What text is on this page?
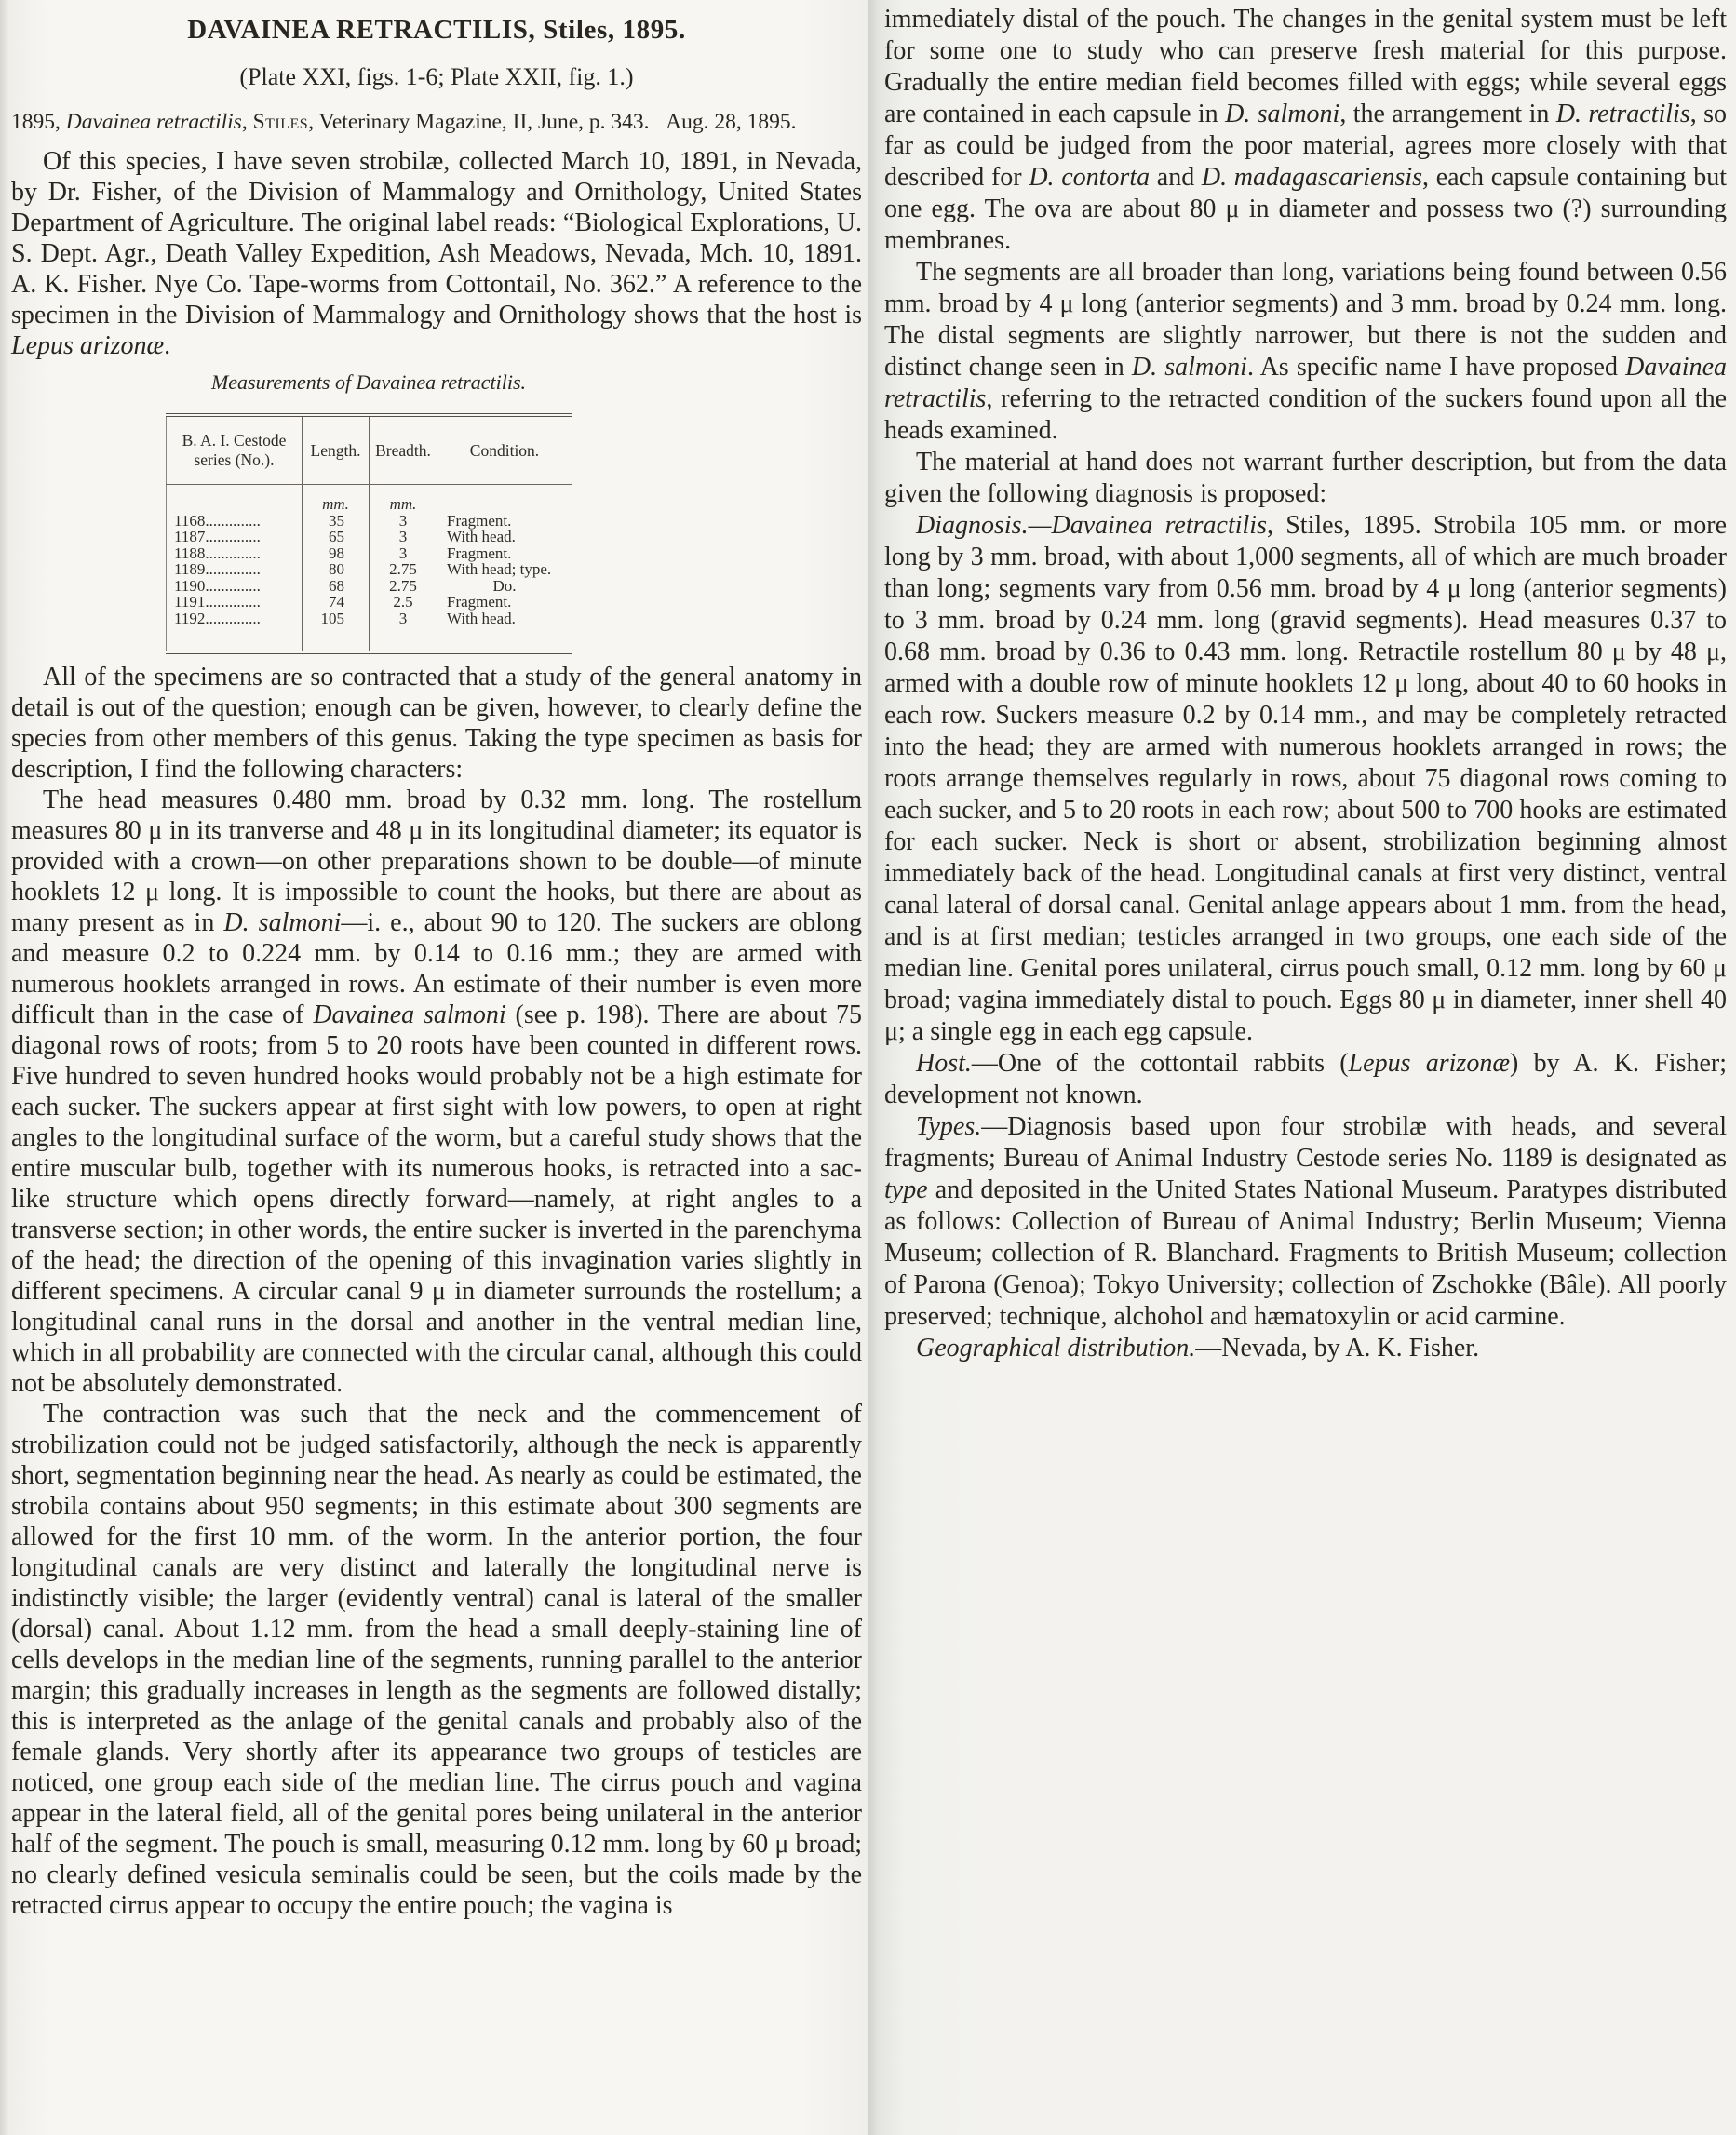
DAVAINEA RETRACTILIS, Stiles, 1895.
(Plate XXI, figs. 1-6; Plate XXII, fig. 1.)

1895, Davainea retractilis, Stiles, Veterinary Magazine, II, June, p. 343.   Aug. 28, 1895.

Of this species, I have seven strobilæ, collected March 10, 1891, in Nevada, by Dr. Fisher, of the Division of Mammalogy and Ornithology, United States Department of Agriculture. The original label reads: “Biological Explorations, U. S. Dept. Agr., Death Valley Expedition, Ash Meadows, Nevada, Mch. 10, 1891. A. K. Fisher. Nye Co. Tape-worms from Cottontail, No. 362.” A reference to the specimen in the Division of Mammalogy and Ornithology shows that the host is Lepus arizonæ.

Measurements of Davainea retractilis.
B. A. I. Cestode
series (No.).	Length.	Breadth.	Condition.
	mm.	mm.	
1168..............	35	3	Fragment.
1187..............	65	3	With head.
1188..............	98	3	Fragment.
1189..............	80	2.75	With head; type.
1190..............	68	2.75	Do.
1191..............	74	2.5	Fragment.
1192..............	105	3	With head.

All of the specimens are so contracted that a study of the general anatomy in detail is out of the question; enough can be given, however, to clearly define the species from other members of this genus. Taking the type specimen as basis for description, I find the following characters:

The head measures 0.480 mm. broad by 0.32 mm. long. The rostellum measures 80 μ in its tranverse and 48 μ in its longitudinal diameter; its equator is provided with a crown—on other preparations shown to be double—of minute hooklets 12 μ long. It is impossible to count the hooks, but there are about as many present as in D. salmoni—i. e., about 90 to 120. The suckers are oblong and measure 0.2 to 0.224 mm. by 0.14 to 0.16 mm.; they are armed with numerous hooklets arranged in rows. An estimate of their number is even more difficult than in the case of Davainea salmoni (see p. 198). There are about 75 diagonal rows of roots; from 5 to 20 roots have been counted in different rows. Five hundred to seven hundred hooks would probably not be a high estimate for each sucker. The suckers appear at first sight with low powers, to open at right angles to the longitudinal surface of the worm, but a careful study shows that the entire muscular bulb, together with its numerous hooks, is retracted into a sac-like structure which opens directly forward—namely, at right angles to a transverse section; in other words, the entire sucker is inverted in the parenchyma of the head; the direction of the opening of this invagination varies slightly in different specimens. A circular canal 9 μ in diameter surrounds the rostellum; a longitudinal canal runs in the dorsal and another in the ventral median line, which in all probability are connected with the circular canal, although this could not be absolutely demonstrated.

The contraction was such that the neck and the commencement of strobilization could not be judged satisfactorily, although the neck is apparently short, segmentation beginning near the head. As nearly as could be estimated, the strobila contains about 950 segments; in this estimate about 300 segments are allowed for the first 10 mm. of the worm. In the anterior portion, the four longitudinal canals are very distinct and laterally the longitudinal nerve is indistinctly visible; the larger (evidently ventral) canal is lateral of the smaller (dorsal) canal. About 1.12 mm. from the head a small deeply-staining line of cells develops in the median line of the segments, running parallel to the anterior margin; this gradually increases in length as the segments are followed distally; this is interpreted as the anlage of the genital canals and probably also of the female glands. Very shortly after its appearance two groups of testicles are noticed, one group each side of the median line. The cirrus pouch and vagina appear in the lateral field, all of the genital pores being unilateral in the anterior half of the segment. The pouch is small, measuring 0.12 mm. long by 60 μ broad; no clearly defined vesicula seminalis could be seen, but the coils made by the retracted cirrus appear to occupy the entire pouch; the vagina is

immediately distal of the pouch. The changes in the genital system must be left for some one to study who can preserve fresh material for this purpose. Gradually the entire median field becomes filled with eggs; while several eggs are contained in each capsule in D. salmoni, the arrangement in D. retractilis, so far as could be judged from the poor material, agrees more closely with that described for D. contorta and D. madagascariensis, each capsule containing but one egg. The ova are about 80 μ in diameter and possess two (?) surrounding membranes.

The segments are all broader than long, variations being found between 0.56 mm. broad by 4 μ long (anterior segments) and 3 mm. broad by 0.24 mm. long. The distal segments are slightly narrower, but there is not the sudden and distinct change seen in D. salmoni. As specific name I have proposed Davainea retractilis, referring to the retracted condition of the suckers found upon all the heads examined.

The material at hand does not warrant further description, but from the data given the following diagnosis is proposed:

Diagnosis.—Davainea retractilis, Stiles, 1895. Strobila 105 mm. or more long by 3 mm. broad, with about 1,000 segments, all of which are much broader than long; segments vary from 0.56 mm. broad by 4 μ long (anterior segments) to 3 mm. broad by 0.24 mm. long (gravid segments). Head measures 0.37 to 0.68 mm. broad by 0.36 to 0.43 mm. long. Retractile rostellum 80 μ by 48 μ, armed with a double row of minute hooklets 12 μ long, about 40 to 60 hooks in each row. Suckers measure 0.2 by 0.14 mm., and may be completely retracted into the head; they are armed with numerous hooklets arranged in rows; the roots arrange themselves regularly in rows, about 75 diagonal rows coming to each sucker, and 5 to 20 roots in each row; about 500 to 700 hooks are estimated for each sucker. Neck is short or absent, strobilization beginning almost immediately back of the head. Longitudinal canals at first very distinct, ventral canal lateral of dorsal canal. Genital anlage appears about 1 mm. from the head, and is at first median; testicles arranged in two groups, one each side of the median line. Genital pores unilateral, cirrus pouch small, 0.12 mm. long by 60 μ broad; vagina immediately distal to pouch. Eggs 80 μ in diameter, inner shell 40 μ; a single egg in each egg capsule.

Host.—One of the cottontail rabbits (Lepus arizonæ) by A. K. Fisher; development not known.

Types.—Diagnosis based upon four strobilæ with heads, and several fragments; Bureau of Animal Industry Cestode series No. 1189 is designated as type and deposited in the United States National Museum. Paratypes distributed as follows: Collection of Bureau of Animal Industry; Berlin Museum; Vienna Museum; collection of R. Blanchard. Fragments to British Museum; collection of Parona (Genoa); Tokyo University; collection of Zschokke (Bâle). All poorly preserved; technique, alchohol and hæmatoxylin or acid carmine.

Geographical distribution.—Nevada, by A. K. Fisher.
